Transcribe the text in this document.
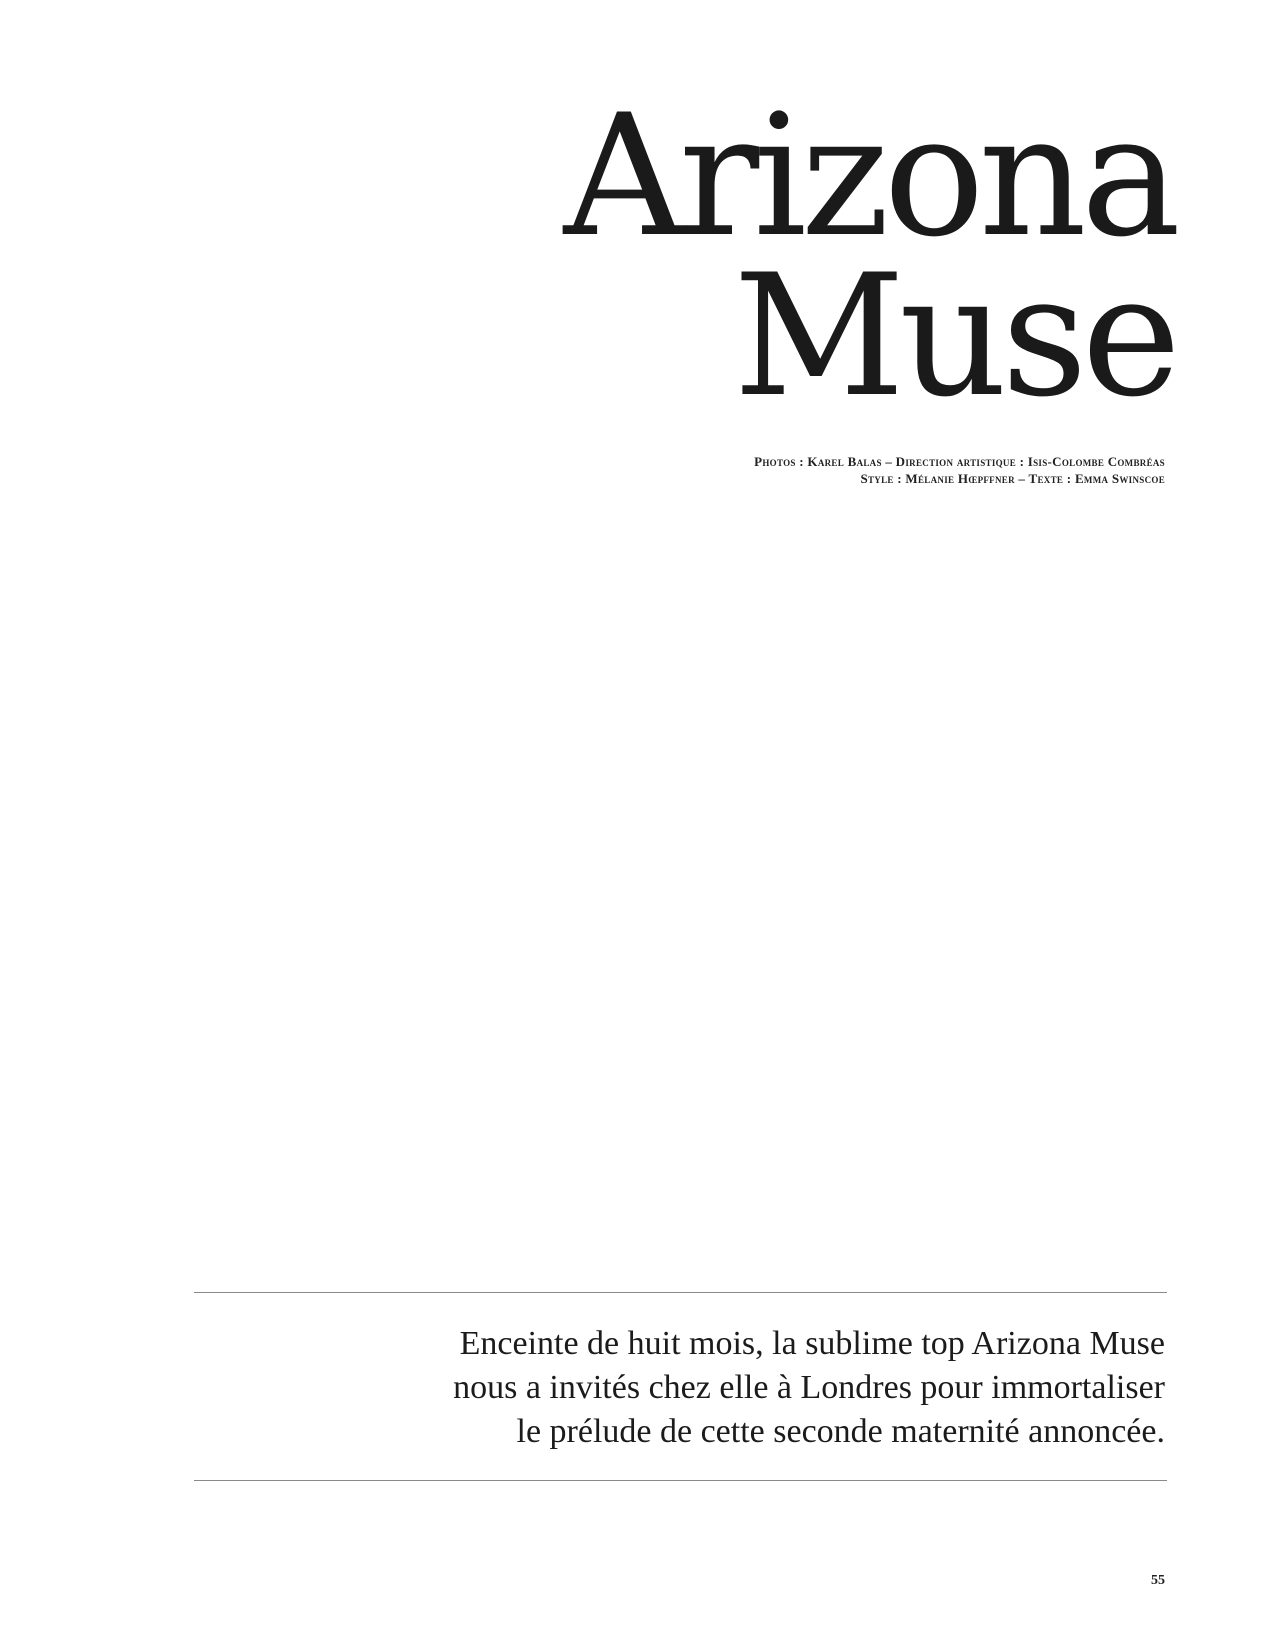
Arizona
Muse
Photos : Karel Balas – Direction artistique : Isis-Colombe Combréas
Style : Mélanie Hœpffner – Texte : Emma Swinscoe
Enceinte de huit mois, la sublime top Arizona Muse
nous a invités chez elle à Londres pour immortaliser
le prélude de cette seconde maternité annoncée.
55
